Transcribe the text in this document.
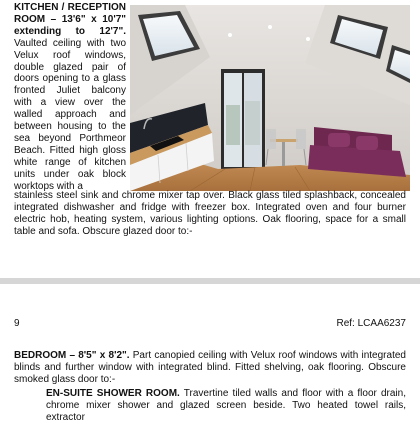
KITCHEN / RECEPTION ROOM – 13'6" x 10'7" extending to 12'7". Vaulted ceiling with two Velux roof windows, double glazed pair of doors opening to a glass fronted Juliet balcony with a view over the walled approach and between housing to the sea beyond Porthmeor Beach. Fitted high gloss white range of kitchen units under oak block worktops with a
stainless steel sink and chrome mixer tap over. Black glass tiled splashback, concealed integrated dishwasher and fridge with freezer box. Integrated oven and four burner electric hob, heating system, various lighting options. Oak flooring, space for a small table and sofa. Obscure glazed door to:-
9	Ref: LCAA6237
BEDROOM – 8'5" x 8'2". Part canopied ceiling with Velux roof windows with integrated blinds and further window with integrated blind. Fitted shelving, oak flooring. Obscure smoked glass door to:-
EN-SUITE SHOWER ROOM. Travertine tiled walls and floor with a floor drain, chrome mixer shower and glazed screen beside. Two heated towel rails, extractor
